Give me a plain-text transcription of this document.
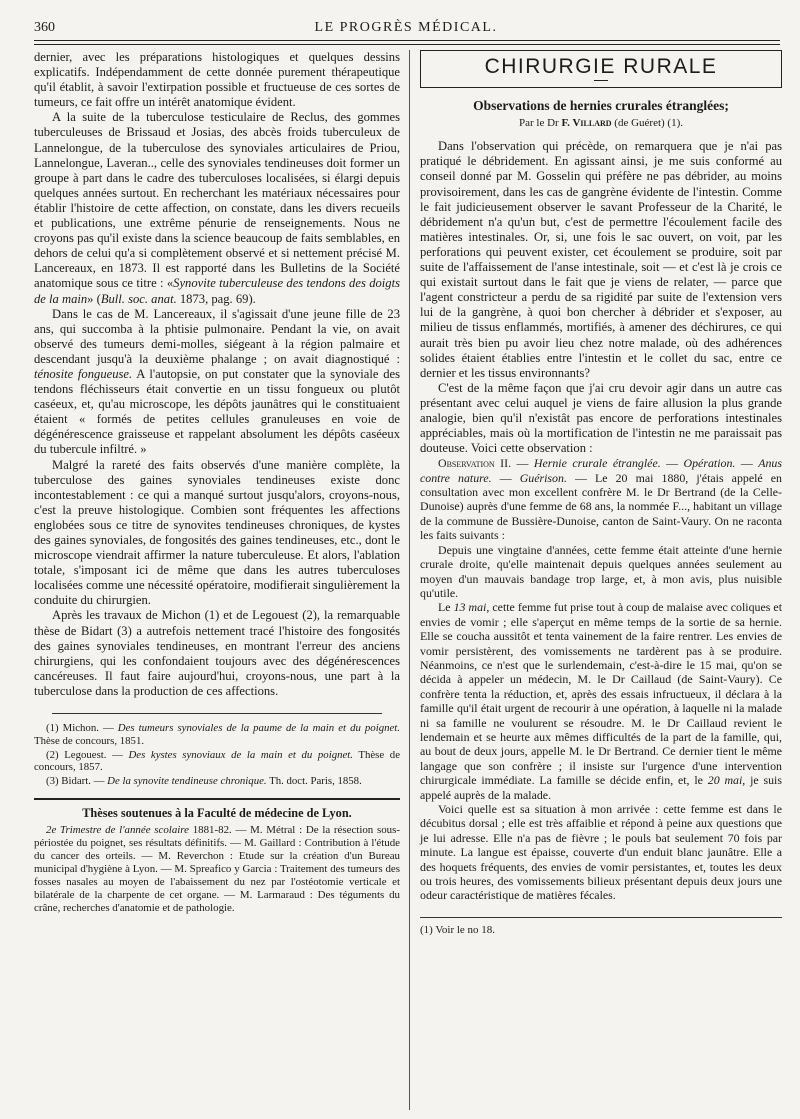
360	LE PROGRÈS MÉDICAL.

dernier, avec les préparations histologiques et quelques dessins explicatifs. Indépendamment de cette donnée purement thérapeutique qu'il établit, à savoir l'extirpation possible et fructueuse de ces sortes de tumeurs, ce fait offre un intérêt anatomique évident.

A la suite de la tuberculose testiculaire de Reclus, des gommes tuberculeuses de Brissaud et Josias, des abcès froids tuberculeux de Lannelongue, de la tuberculose des synoviales articulaires de Priou, Lannelongue, Laveran.., celle des synoviales tendineuses doit former un groupe à part dans le cadre des tuberculoses localisées, si élargi depuis quelques années surtout. En recherchant les matériaux nécessaires pour établir l'histoire de cette affection, on constate, dans les divers recueils et publications, une extrême pénurie de renseignements. Nous ne croyons pas qu'il existe dans la science beaucoup de faits semblables, en dehors de celui qu'a si complètement observé et si nettement précisé M. Lancereaux, en 1873. Il est rapporté dans les Bulletins de la Société anatomique sous ce titre : «Synovite tuberculeuse des tendons des doigts de la main» (Bull. soc. anat. 1873, pag. 69).

Dans le cas de M. Lancereaux, il s'agissait d'une jeune fille de 23 ans, qui succomba à la phtisie pulmonaire. Pendant la vie, on avait observé des tumeurs demi-molles, siégeant à la région palmaire et descendant jusqu'à la deuxième phalange ; on avait diagnostiqué : ténosite fongueuse. A l'autopsie, on put constater que la synoviale des tendons fléchisseurs était convertie en un tissu fongueux ou plutôt caséeux, et, qu'au microscope, les dépôts jaunâtres qui le constituaient étaient « formés de petites cellules granuleuses en voie de dégénérescence graisseuse et rappelant absolument les dépôts caséeux du tubercule infiltré. »

Malgré la rareté des faits observés d'une manière complète, la tuberculose des gaines synoviales tendineuses existe donc incontestablement : ce qui a manqué surtout jusqu'alors, croyons-nous, c'est la preuve histologique. Combien sont fréquentes les affections englobées sous ce titre de synovites tendineuses chroniques, de kystes des gaines synoviales, de fongosités des gaines tendineuses, etc., dont le microscope viendrait affirmer la nature tuberculeuse. Et alors, l'ablation totale, s'imposant ici de même que dans les autres tuberculoses localisées comme une nécessité opératoire, modifierait singulièrement la conduite du chirurgien.

Après les travaux de Michon (1) et de Legouest (2), la remarquable thèse de Bidart (3) a autrefois nettement tracé l'histoire des fongosités des gaines synoviales tendineuses, en montrant l'erreur des anciens chirurgiens, qui les confondaient toujours avec des dégénérescences cancéreuses. Il faut faire aujourd'hui, croyons-nous, une part à la tuberculose dans la production de ces affections.

(1) Michon. — Des tumeurs synoviales de la paume de la main et du poignet. Thèse de concours, 1851.

(2) Legouest. — Des kystes synoviaux de la main et du poignet. Thèse de concours, 1857.

(3) Bidart. — De la synovite tendineuse chronique. Th. doct. Paris, 1858.

Thèses soutenues à la Faculté de médecine de Lyon.

2e Trimestre de l'année scolaire 1881-82. — M. Métral : De la résection sous-périostée du poignet, ses résultats définitifs. — M. Gaillard : Contribution à l'étude du cancer des orteils. — M. Reverchon : Etude sur la création d'un Bureau municipal d'hygiène à Lyon. — M. Spreafico y Garcia : Traitement des tumeurs des fosses nasales au moyen de l'abaissement du nez par l'ostéotomie verticale et bilatérale de la charpente de cet organe. — M. Larmaraud : Des téguments du crâne, recherches d'anatomie et de pathologie.

CHIRURGIE RURALE
Observations de hernies crurales étranglées;
Par le Dr F. Villard (de Guéret) (1).

Dans l'observation qui précède, on remarquera que je n'ai pas pratiqué le débridement. En agissant ainsi, je me suis conformé au conseil donné par M. Gosselin qui préfère ne pas débrider, au moins provisoirement, dans les cas de gangrène évidente de l'intestin. Comme le fait judicieusement observer le savant Professeur de la Charité, le débridement n'a qu'un but, c'est de permettre l'écoulement facile des matières intestinales. Or, si, une fois le sac ouvert, on voit, par les perforations qui peuvent exister, cet écoulement se produire, soit par suite de l'affaissement de l'anse intestinale, soit — et c'est là je crois ce qui existait surtout dans le fait que je viens de relater, — parce que l'agent constricteur a perdu de sa rigidité par suite de l'extension vers lui de la gangrène, à quoi bon chercher à débrider et s'exposer, au milieu de tissus enflammés, mortifiés, à amener des déchirures, ce qui aurait très bien pu avoir lieu chez notre malade, où des adhérences solides étaient établies entre l'intestin et le collet du sac, entre ce dernier et les tissus environnants?

C'est de la même façon que j'ai cru devoir agir dans un autre cas présentant avec celui auquel je viens de faire allusion la plus grande analogie, bien qu'il n'existât pas encore de perforations intestinales appréciables, mais où la mortification de l'intestin ne me paraissait pas douteuse. Voici cette observation :

Observation II. — Hernie crurale étranglée. — Opération. — Anus contre nature. — Guérison. — Le 20 mai 1880, j'étais appelé en consultation avec mon excellent confrère M. le Dr Bertrand (de la Celle-Dunoise) auprès d'une femme de 68 ans, la nommée F..., habitant un village de la commune de Bussière-Dunoise, canton de Saint-Vaury. On ne raconta les faits suivants :

Depuis une vingtaine d'années, cette femme était atteinte d'une hernie crurale droite, qu'elle maintenait depuis quelques années seulement au moyen d'un mauvais bandage trop large, et, à mon avis, plus nuisible qu'utile.

Le 13 mai, cette femme fut prise tout à coup de malaise avec coliques et envies de vomir ; elle s'aperçut en même temps de la sortie de sa hernie. Elle se coucha aussitôt et tenta vainement de la faire rentrer. Les envies de vomir persistèrent, des vomissements ne tardèrent pas à se produire. Néanmoins, ce n'est que le surlendemain, c'est-à-dire le 15 mai, qu'on se décida à appeler un médecin, M. le Dr Caillaud (de Saint-Vaury). Ce confrère tenta la réduction, et, après des essais infructueux, il déclara à la famille qu'il était urgent de recourir à une opération, à laquelle ni la malade ni sa famille ne voulurent se résoudre. M. le Dr Caillaud revient le lendemain et se heurte aux mêmes difficultés de la part de la famille, qui, au bout de deux jours, appelle M. le Dr Bertrand. Ce dernier tient le même langage que son confrère ; il insiste sur l'urgence d'une intervention chirurgicale immédiate. La famille se décide enfin, et, le 20 mai, je suis appelé auprès de la malade.

Voici quelle est sa situation à mon arrivée : cette femme est dans le décubitus dorsal ; elle est très affaiblie et répond à peine aux questions que je lui adresse. Elle n'a pas de fièvre ; le pouls bat seulement 70 fois par minute. La langue est épaisse, couverte d'un enduit blanc jaunâtre. Elle a des hoquets fréquents, des envies de vomir persistantes, et, toutes les deux ou trois heures, des vomissements bilieux présentant depuis deux jours une odeur caractéristique de matières fécales.

(1) Voir le no 18.
